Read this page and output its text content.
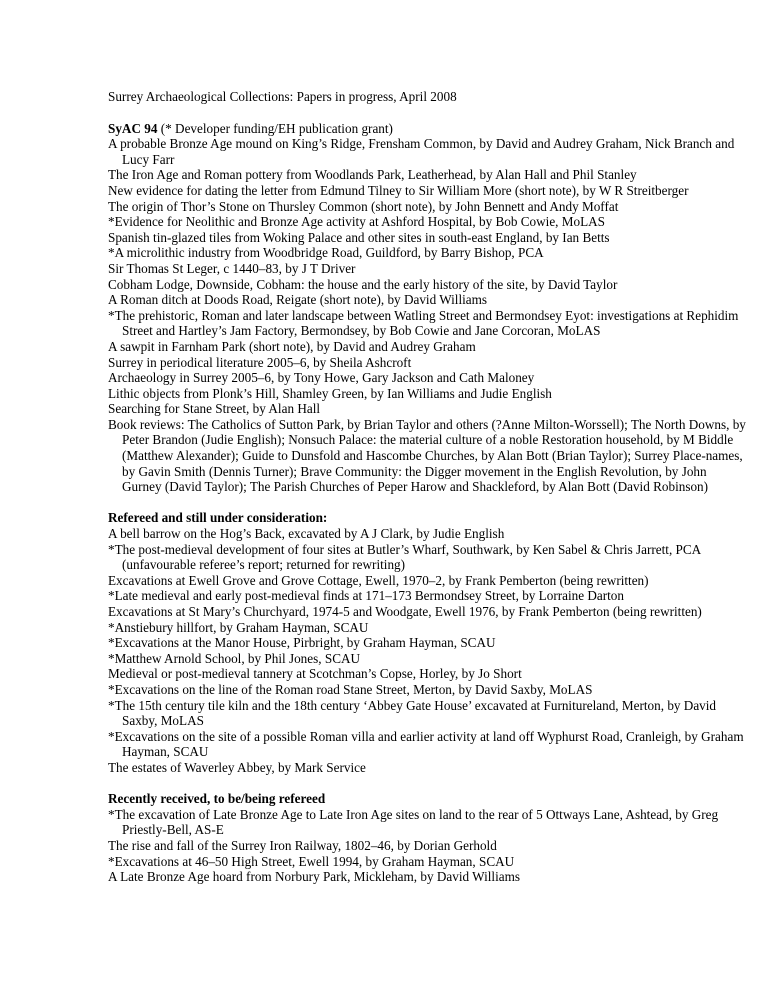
Surrey Archaeological Collections: Papers in progress, April 2008
SyAC 94 (* Developer funding/EH publication grant)
A probable Bronze Age mound on King’s Ridge, Frensham Common, by David and Audrey Graham, Nick Branch and Lucy Farr
The Iron Age and Roman pottery from Woodlands Park, Leatherhead, by Alan Hall and Phil Stanley
New evidence for dating the letter from Edmund Tilney to Sir William More (short note), by W R Streitberger
The origin of Thor’s Stone on Thursley Common (short note), by John Bennett and Andy Moffat
*Evidence for Neolithic and Bronze Age activity at Ashford Hospital, by Bob Cowie, MoLAS
Spanish tin-glazed tiles from Woking Palace and other sites in south-east England, by Ian Betts
*A microlithic industry from Woodbridge Road, Guildford, by Barry Bishop, PCA
Sir Thomas St Leger, c 1440–83, by J T Driver
Cobham Lodge, Downside, Cobham: the house and the early history of the site, by David Taylor
A Roman ditch at Doods Road, Reigate (short note), by David Williams
*The prehistoric, Roman and later landscape between Watling Street and Bermondsey Eyot: investigations at Rephidim Street and Hartley’s Jam Factory, Bermondsey, by Bob Cowie and Jane Corcoran, MoLAS
A sawpit in Farnham Park (short note), by David and Audrey Graham
Surrey in periodical literature 2005–6, by Sheila Ashcroft
Archaeology in Surrey 2005–6, by Tony Howe, Gary Jackson and Cath Maloney
Lithic objects from Plonk’s Hill, Shamley Green, by Ian Williams and Judie English
Searching for Stane Street, by Alan Hall
Book reviews: The Catholics of Sutton Park, by Brian Taylor and others (?Anne Milton-Worssell); The North Downs, by Peter Brandon (Judie English); Nonsuch Palace: the material culture of a noble Restoration household, by M Biddle (Matthew Alexander); Guide to Dunsfold and Hascombe Churches, by Alan Bott (Brian Taylor); Surrey Place-names, by Gavin Smith (Dennis Turner); Brave Community: the Digger movement in the English Revolution, by John Gurney (David Taylor); The Parish Churches of Peper Harow and Shackleford, by Alan Bott (David Robinson)
Refereed and still under consideration:
A bell barrow on the Hog’s Back, excavated by A J Clark, by Judie English
*The post-medieval development of four sites at Butler’s Wharf, Southwark, by Ken Sabel & Chris Jarrett, PCA (unfavourable referee’s report; returned for rewriting)
Excavations at Ewell Grove and Grove Cottage, Ewell, 1970–2, by Frank Pemberton (being rewritten)
*Late medieval and early post-medieval finds at 171–173 Bermondsey Street, by Lorraine Darton
Excavations at St Mary’s Churchyard, 1974-5 and Woodgate, Ewell 1976, by Frank Pemberton (being rewritten)
*Anstiebury hillfort, by Graham Hayman, SCAU
*Excavations at the Manor House, Pirbright, by Graham Hayman, SCAU
*Matthew Arnold School, by Phil Jones, SCAU
Medieval or post-medieval tannery at Scotchman’s Copse, Horley, by Jo Short
*Excavations on the line of the Roman road Stane Street, Merton, by David Saxby, MoLAS
*The 15th century tile kiln and the 18th century ‘Abbey Gate House’ excavated at Furnitureland, Merton, by David Saxby, MoLAS
*Excavations on the site of a possible Roman villa and earlier activity at land off Wyphurst Road, Cranleigh, by Graham Hayman, SCAU
The estates of Waverley Abbey, by Mark Service
Recently received, to be/being refereed
*The excavation of Late Bronze Age to Late Iron Age sites on land to the rear of 5 Ottways Lane, Ashtead, by Greg Priestly-Bell, AS-E
The rise and fall of the Surrey Iron Railway, 1802–46, by Dorian Gerhold
*Excavations at 46–50 High Street, Ewell 1994, by Graham Hayman, SCAU
A Late Bronze Age hoard from Norbury Park, Mickleham, by David Williams
